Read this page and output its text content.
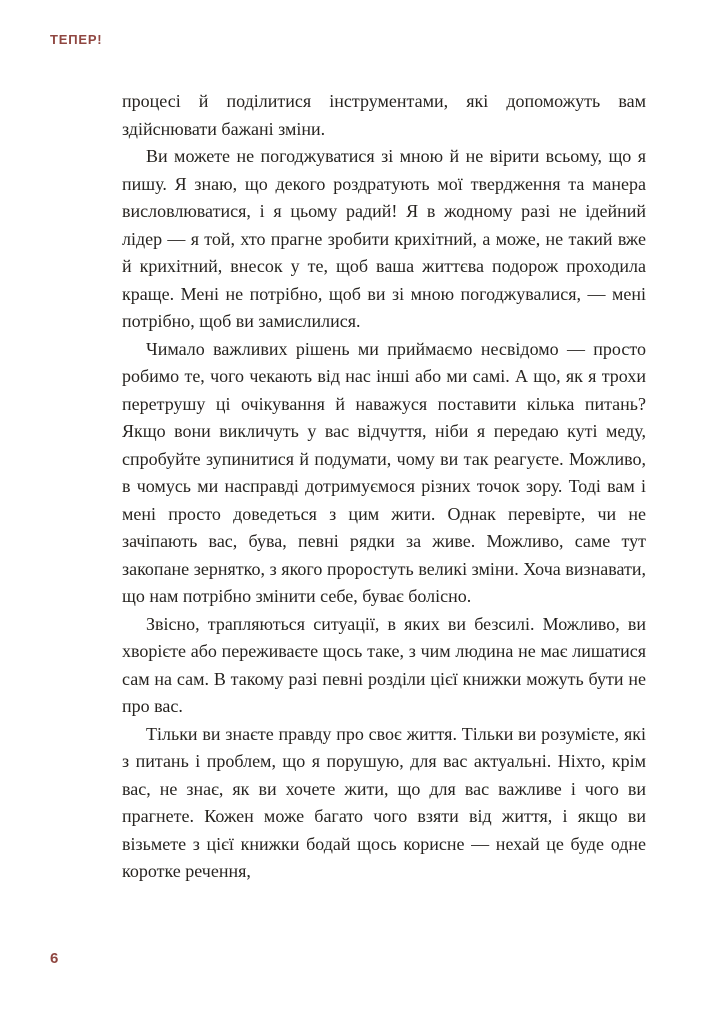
ТЕПЕР!

процесі й поділитися інструментами, які допоможуть вам здійснювати бажані зміни.

Ви можете не погоджуватися зі мною й не вірити всьому, що я пишу. Я знаю, що декого роздратують мої твердження та манера висловлюватися, і я цьому радий! Я в жодному разі не ідейний лідер — я той, хто прагне зробити крихітний, а може, не такий вже й крихітний, внесок у те, щоб ваша життєва подорож проходила краще. Мені не потрібно, щоб ви зі мною погоджувалися, — мені потрібно, щоб ви замислилися.

Чимало важливих рішень ми приймаємо несвідомо — просто робимо те, чого чекають від нас інші або ми самі. А що, як я трохи перетрушу ці очікування й наважуся поставити кілька питань? Якщо вони викличуть у вас відчуття, ніби я передаю куті меду, спробуйте зупинитися й подумати, чому ви так реагуєте. Можливо, в чомусь ми насправді дотримуємося різних точок зору. Тоді вам і мені просто доведеться з цим жити. Однак перевірте, чи не зачіпають вас, бува, певні рядки за живе. Можливо, саме тут закопане зернятко, з якого проростуть великі зміни. Хоча визнавати, що нам потрібно змінити себе, буває болісно.

Звісно, трапляються ситуації, в яких ви безсилі. Можливо, ви хворієте або переживаєте щось таке, з чим людина не має лишатися сам на сам. В такому разі певні розділи цієї книжки можуть бути не про вас.

Тільки ви знаєте правду про своє життя. Тільки ви розумієте, які з питань і проблем, що я порушую, для вас актуальні. Ніхто, крім вас, не знає, як ви хочете жити, що для вас важливе і чого ви прагнете. Кожен може багато чого взяти від життя, і якщо ви візьмете з цієї книжки бодай щось корисне — нехай це буде одне коротке речення,

6
